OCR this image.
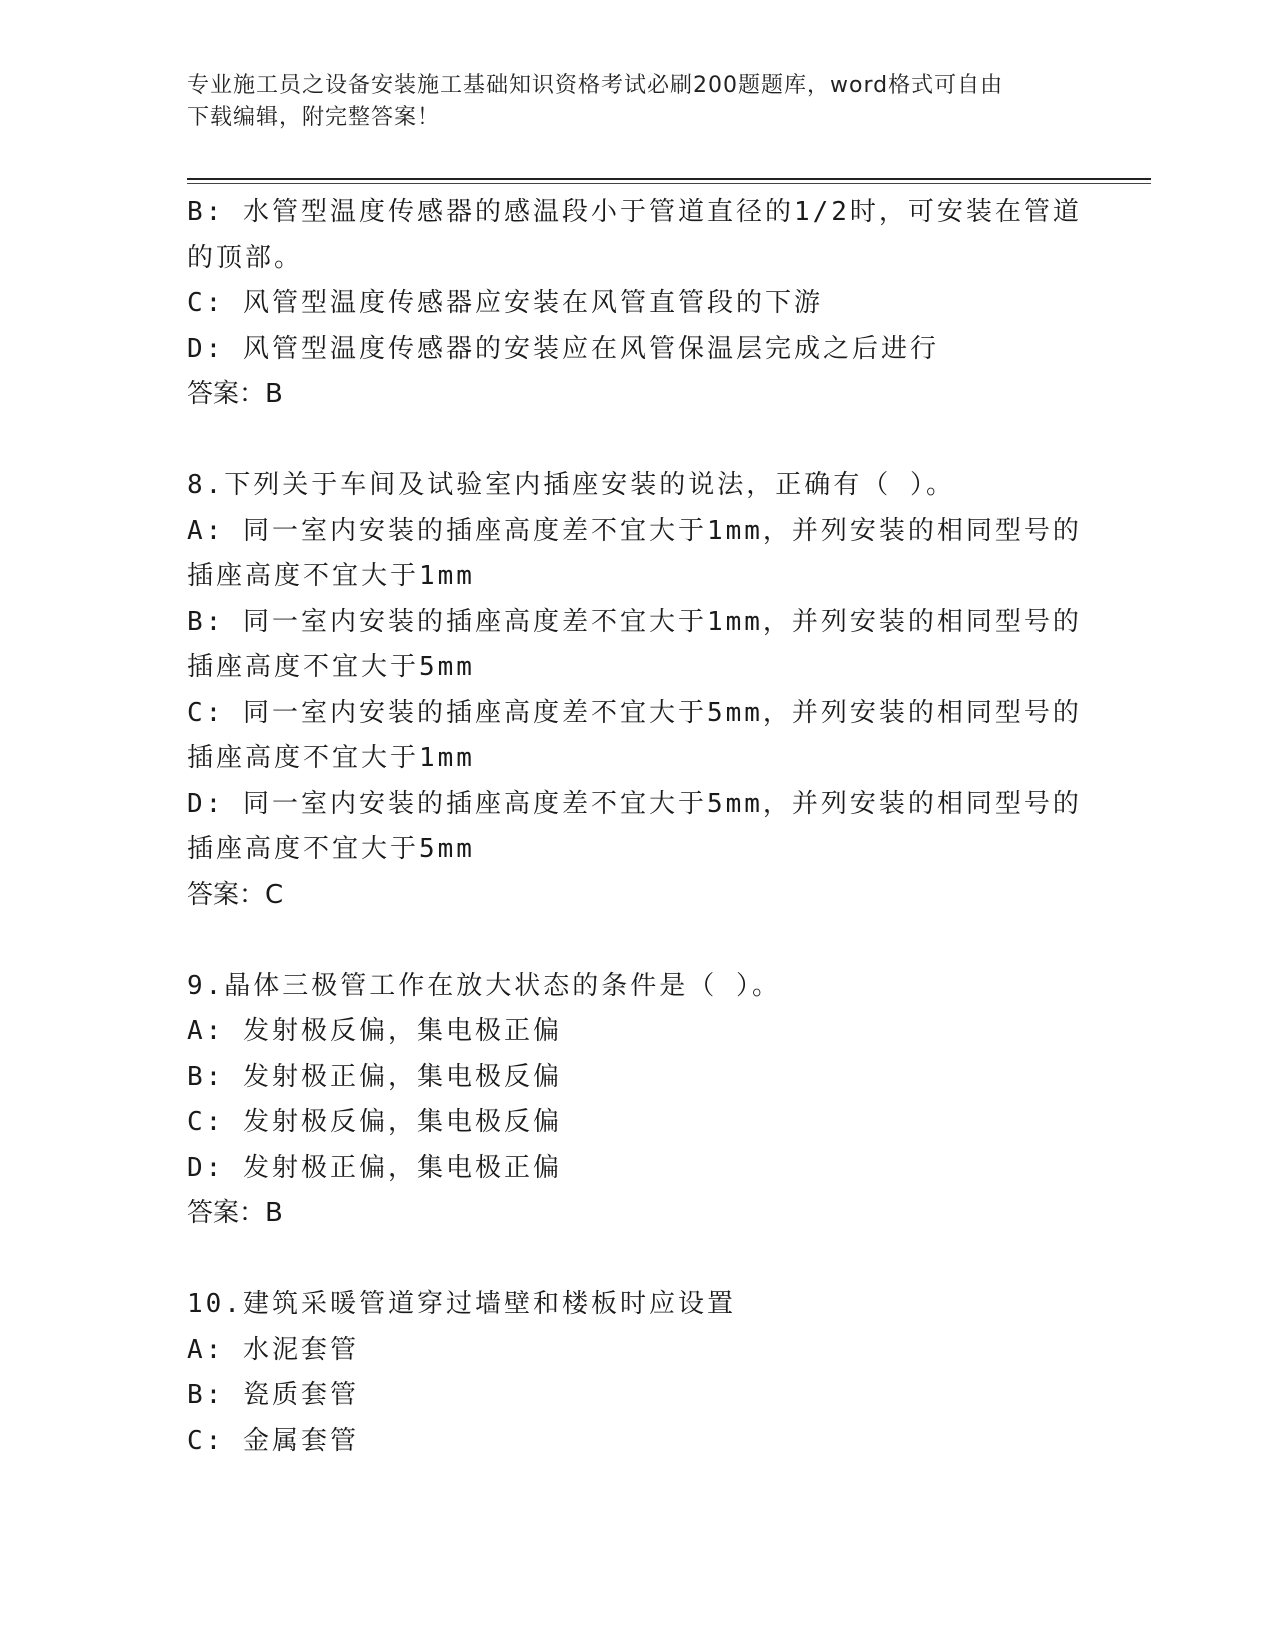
专业施工员之设备安装施工基础知识资格考试必刷200题题库，word格式可自由
下载编辑，附完整答案！
B: 水管型温度传感器的感温段小于管道直径的1/2时，可安装在管道
的顶部。
C: 风管型温度传感器应安装在风管直管段的下游
D: 风管型温度传感器的安装应在风管保温层完成之后进行
答案：B
8.下列关于车间及试验室内插座安装的说法，正确有（ ）。
A: 同一室内安装的插座高度差不宜大于1mm，并列安装的相同型号的
插座高度不宜大于1mm
B: 同一室内安装的插座高度差不宜大于1mm，并列安装的相同型号的
插座高度不宜大于5mm
C: 同一室内安装的插座高度差不宜大于5mm，并列安装的相同型号的
插座高度不宜大于1mm
D: 同一室内安装的插座高度差不宜大于5mm，并列安装的相同型号的
插座高度不宜大于5mm
答案：C
9.晶体三极管工作在放大状态的条件是（ ）。
A: 发射极反偏，集电极正偏
B: 发射极正偏，集电极反偏
C: 发射极反偏，集电极反偏
D: 发射极正偏，集电极正偏
答案：B
10.建筑采暖管道穿过墙壁和楼板时应设置
A: 水泥套管
B: 瓷质套管
C: 金属套管
